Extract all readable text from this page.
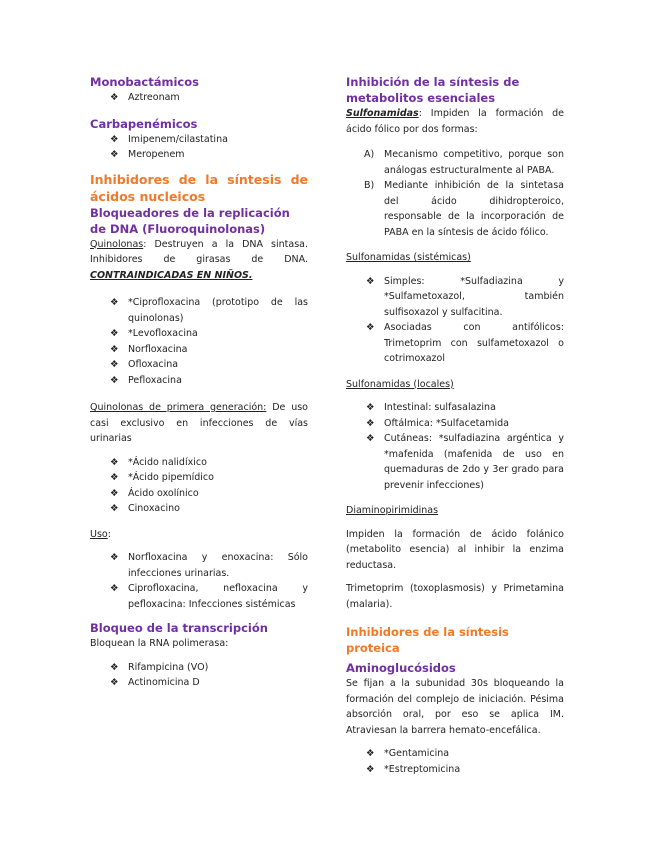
Monobactámicos
❖ Aztreonam
Carbapenémicos
❖ Imipenem/cilastatina
❖ Meropenem
Inhibidores de la síntesis de ácidos nucleicos
Bloqueadores de la replicación de DNA (Fluoroquinolonas)

Quinolonas: Destruyen a la DNA sintasa. Inhibidores de girasas de DNA. CONTRAINDICADAS EN NIÑOS.

❖ *Ciprofloxacina (prototipo de las quinolonas)
❖ *Levofloxacina
❖ Norfloxacina
❖ Ofloxacina
❖ Pefloxacina

Quinolonas de primera generación: De uso casi exclusivo en infecciones de vías urinarias

❖ *Ácido nalidíxico
❖ *Ácido pipemídico
❖ Ácido oxolínico
❖ Cinoxacino

Uso:

❖ Norfloxacina y enoxacina: Sólo infecciones urinarias.
❖ Ciprofloxacina, nefloxacina y pefloxacina: Infecciones sistémicas
Bloqueo de la transcripción

Bloquean la RNA polimerasa:

❖ Rifampicina (VO)
❖ Actinomicina D
Inhibición de la síntesis de metabolitos esenciales

Sulfonamidas: Impiden la formación de ácido fólico por dos formas:

A) Mecanismo competitivo, porque son análogas estructuralmente al PABA.
B) Mediante inhibición de la sintetasa del ácido dihidropteroico, responsable de la incorporación de PABA en la síntesis de ácido fólico.

Sulfonamidas (sistémicas)

❖ Simples: *Sulfadiazina y *Sulfametoxazol, también sulfisoxazol y sulfacitina.
❖ Asociadas con antifólicos: Trimetoprim con sulfametoxazol o cotrimoxazol

Sulfonamidas (locales)

❖ Intestinal: sulfasalazina
❖ Oftálmica: *Sulfacetamida
❖ Cutáneas: *sulfadiazina argéntica y *mafenida (mafenida de uso en quemaduras de 2do y 3er grado para prevenir infecciones)

Diaminopirimidinas

Impiden la formación de ácido folánico (metabolito esencia) al inhibir la enzima reductasa.

Trimetoprim (toxoplasmosis) y Primetamina (malaria).

Inhibidores de la síntesis proteica
Aminoglucósidos

Se fijan a la subunidad 30s bloqueando la formación del complejo de iniciación. Pésima absorción oral, por eso se aplica IM. Atraviesan la barrera hemato-encefálica.

❖ *Gentamicina
❖ *Estreptomicina
